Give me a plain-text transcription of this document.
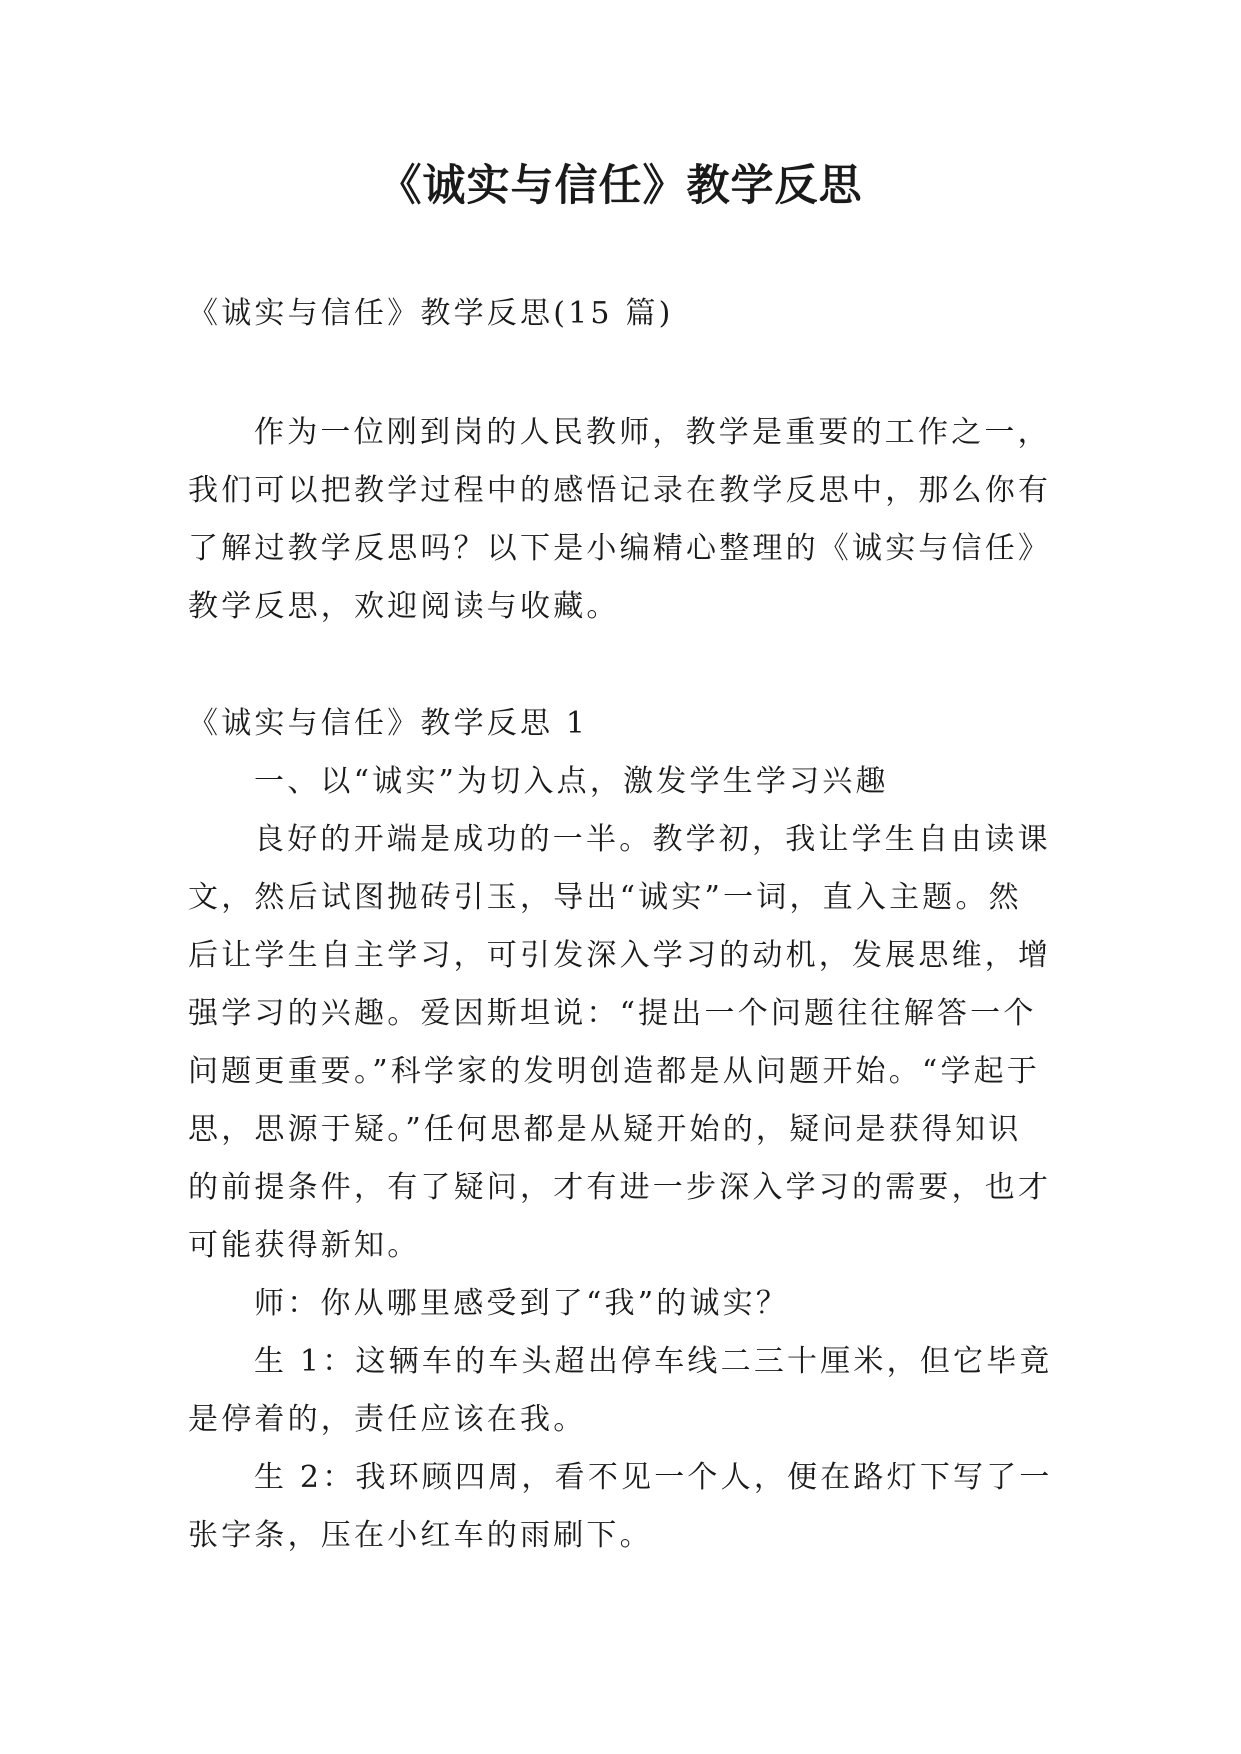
《诚实与信任》教学反思

《诚实与信任》教学反思(15 篇)

作为一位刚到岗的人民教师，教学是重要的工作之一，
我们可以把教学过程中的感悟记录在教学反思中，那么你有
了解过教学反思吗？以下是小编精心整理的《诚实与信任》
教学反思，欢迎阅读与收藏。
《诚实与信任》教学反思 1
一、以“诚实”为切入点，激发学生学习兴趣
良好的开端是成功的一半。教学初，我让学生自由读课
文，然后试图抛砖引玉，导出“诚实”一词，直入主题。然
后让学生自主学习，可引发深入学习的动机，发展思维，增
强学习的兴趣。爱因斯坦说：“提出一个问题往往解答一个
问题更重要。”科学家的发明创造都是从问题开始。“学起于
思，思源于疑。”任何思都是从疑开始的，疑问是获得知识
的前提条件，有了疑问，才有进一步深入学习的需要，也才
可能获得新知。
师：你从哪里感受到了“我”的诚实？
生 1：这辆车的车头超出停车线二三十厘米，但它毕竟
是停着的，责任应该在我。
生 2：我环顾四周，看不见一个人，便在路灯下写了一
张字条，压在小红车的雨刷下。
